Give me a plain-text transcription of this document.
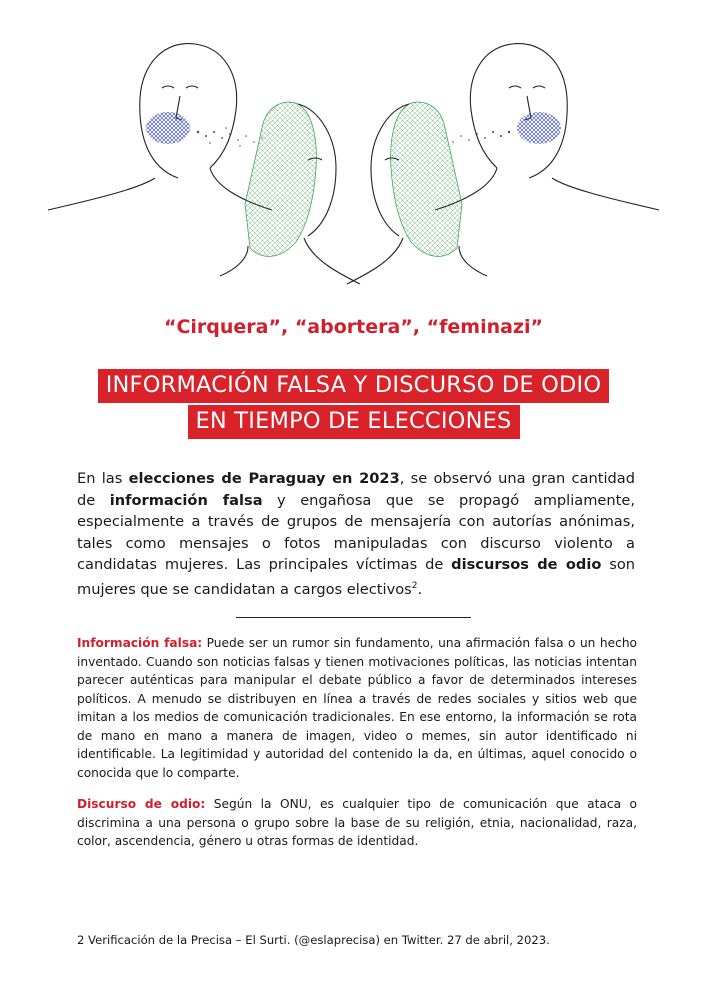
“Cirquera”, “abortera”, “feminazi”
INFORMACIÓN FALSA Y DISCURSO DE ODIO
EN TIEMPO DE ELECCIONES
En las elecciones de Paraguay en 2023, se observó una gran cantidad de información falsa y engañosa que se propagó ampliamente, especialmente a través de grupos de mensajería con autorías anónimas, tales como mensajes o fotos manipuladas con discurso violento a candidatas mujeres. Las principales víctimas de discursos de odio son mujeres que se candidatan a cargos electivos$^2$.
Información falsa: Puede ser un rumor sin fundamento, una afirmación falsa o un hecho inventado. Cuando son noticias falsas y tienen motivaciones políticas, las noticias intentan parecer auténticas para manipular el debate público a favor de determinados intereses políticos. A menudo se distribuyen en línea a través de redes sociales y sitios web que imitan a los medios de comunicación tradicionales. En ese entorno, la información se rota de mano en mano a manera de imagen, video o memes, sin autor identificado ni identificable. La legitimidad y autoridad del contenido la da, en últimas, aquel conocido o conocida que lo comparte.
Discurso de odio: Según la ONU, es cualquier tipo de comunicación que ataca o discrimina a una persona o grupo sobre la base de su religión, etnia, nacionalidad, raza, color, ascendencia, género u otras formas de identidad.
2 Verificación de la Precisa – El Surti. (@eslaprecisa) en Twitter. 27 de abril, 2023.
